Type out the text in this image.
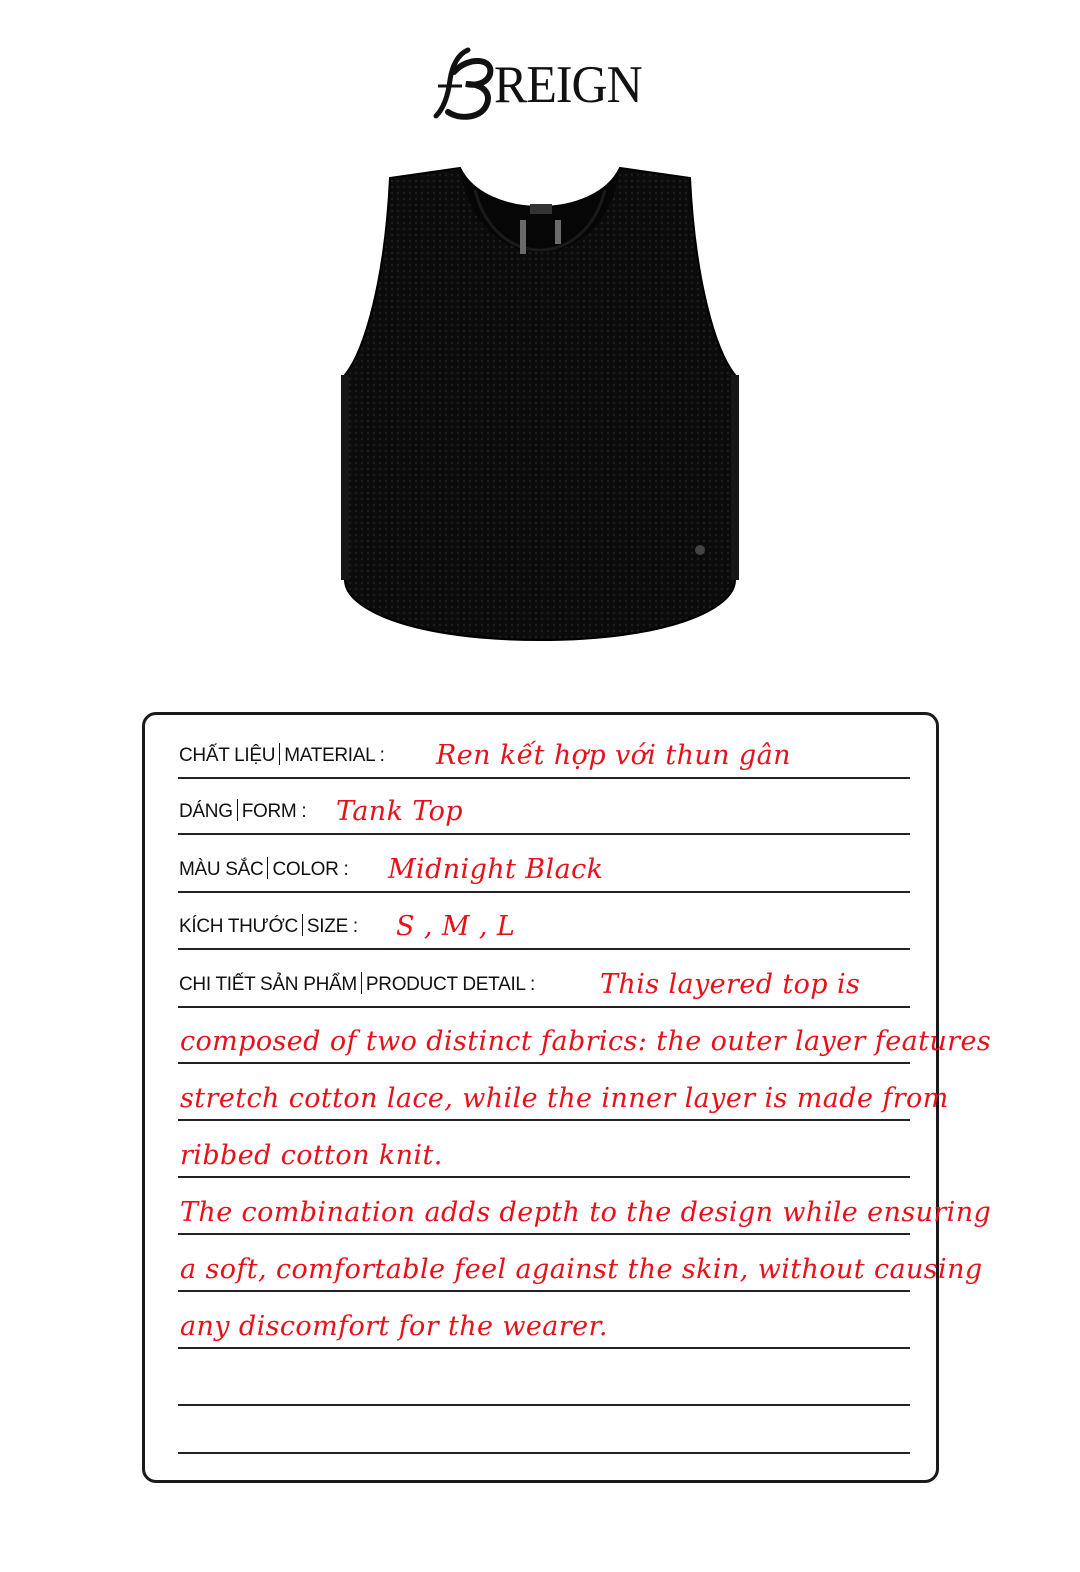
REIGN
CHẤT LIỆU MATERIAL : Ren kết hợp với thun gân
DÁNG FORM : Tank Top
MÀU SẮC COLOR : Midnight Black
KÍCH THƯỚC SIZE : S , M , L
CHI TIẾT SẢN PHẨM PRODUCT DETAIL : This layered top is
composed of two distinct fabrics: the outer layer features
stretch cotton lace, while the inner layer is made from
ribbed cotton knit.
The combination adds depth to the design while ensuring
a soft, comfortable feel against the skin, without causing
any discomfort for the wearer.
